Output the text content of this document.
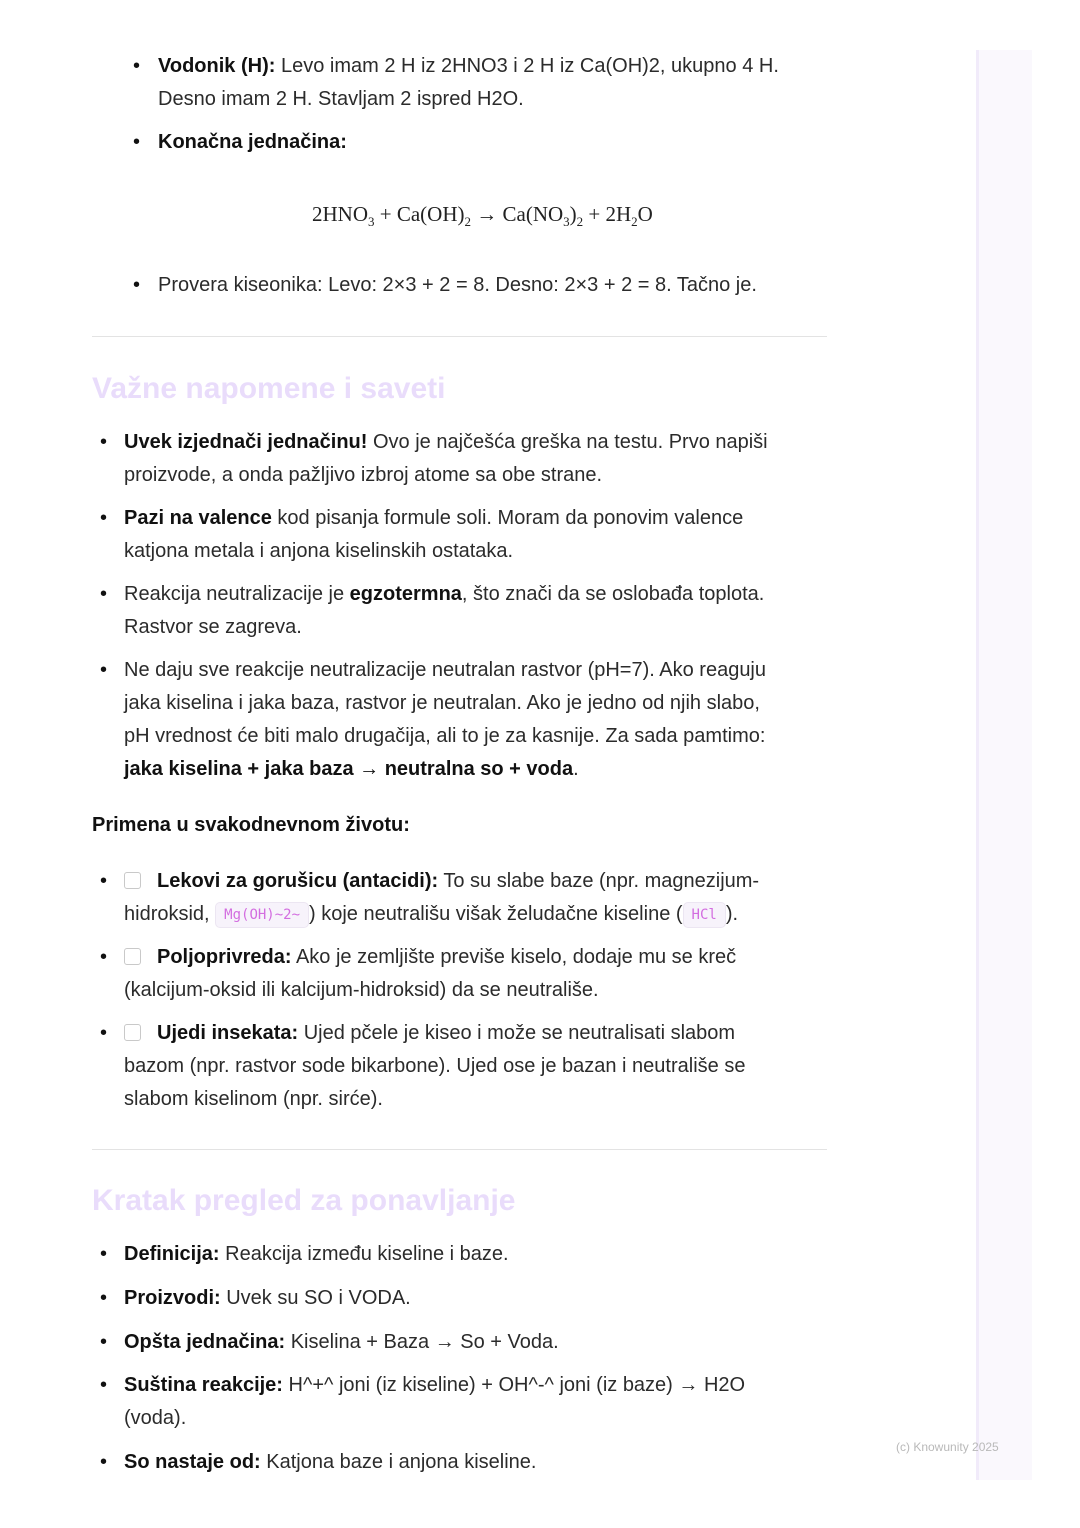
• Vodonik (H): Levo imam 2 H iz 2HNO3 i 2 H iz Ca(OH)2, ukupno 4 H.
Desno imam 2 H. Stavljam 2 ispred H2O.
• Konačna jednačina:
$2HNO_3 + Ca(OH)_2 \to Ca(NO_3)_2 + 2H_2O$
• Provera kiseonika: Levo: 2×3 + 2 = 8. Desno: 2×3 + 2 = 8. Tačno je.
Važne napomene i saveti
• Uvek izjednači jednačinu! Ovo je najčešća greška na testu. Prvo napiši
proizvode, a onda pažljivo izbroj atome sa obe strane.
• Pazi na valence kod pisanja formule soli. Moram da ponovim valence
katjona metala i anjona kiselinskih ostataka.
• Reakcija neutralizacije je egzotermna, što znači da se oslobađa toplota.
Rastvor se zagreva.
• Ne daju sve reakcije neutralizacije neutralan rastvor (pH=7). Ako reaguju
jaka kiselina i jaka baza, rastvor je neutralan. Ako je jedno od njih slabo,
pH vrednost će biti malo drugačija, ali to je za kasnije. Za sada pamtimo:
jaka kiselina + jaka baza → neutralna so + voda.
Primena u svakodnevnom životu:
•	Lekovi za gorušicu (antacidi): To su slabe baze (npr. magnezijum-
hidroksid, Mg(OH)~2~ ) koje neutrališu višak želudačne kiseline ( HCl ).
•	Poljoprivreda: Ako je zemljište previše kiselo, dodaje mu se kreč
(kalcijum-oksid ili kalcijum-hidroksid) da se neutrališe.
•	Ujedi insekata: Ujed pčele je kiseo i može se neutralisati slabom
bazom (npr. rastvor sode bikarbone). Ujed ose je bazan i neutrališe se
slabom kiselinom (npr. sirće).
Kratak pregled za ponavljanje
• Definicija: Reakcija između kiseline i baze.
• Proizvodi: Uvek su SO i VODA.
• Opšta jednačina: Kiselina + Baza → So + Voda.
• Suština reakcije: H^+^ joni (iz kiseline) + OH^-^ joni (iz baze) → H2O
(voda).
• So nastaje od: Katjona baze i anjona kiseline.
(c) Knowunity 2025
